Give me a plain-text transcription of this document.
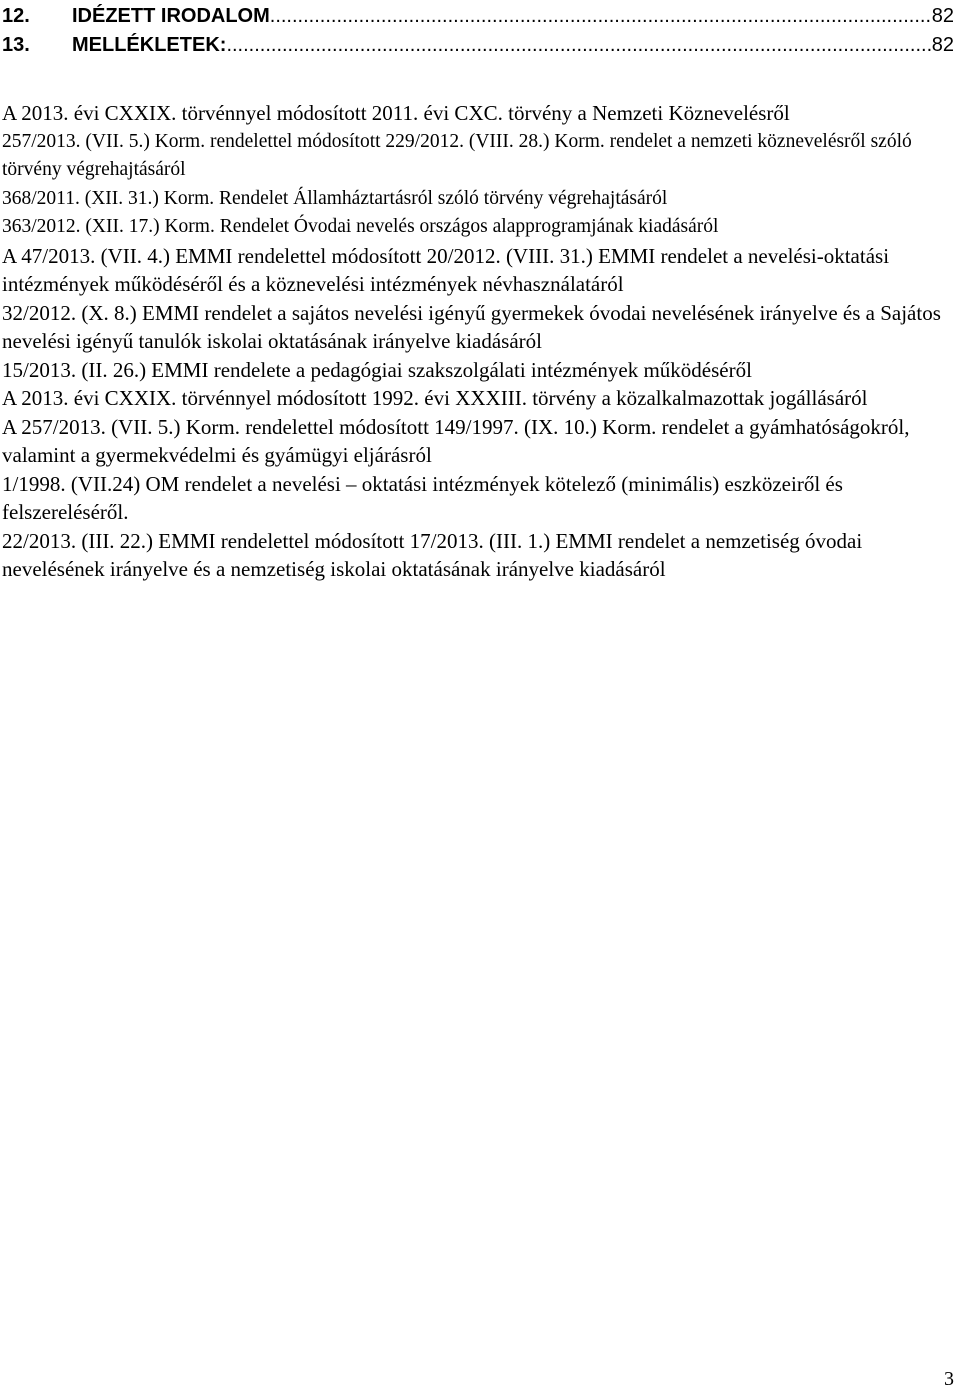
12.	IDÉZETT IRODALOM .....	82
13.	MELLÉKLETEK: .....	82

A 2013. évi CXXIX. törvénnyel módosított 2011. évi CXC. törvény a Nemzeti Köznevelésről

257/2013. (VII. 5.) Korm. rendelettel módosított 229/2012. (VIII. 28.) Korm. rendelet a nemzeti köznevelésről szóló törvény végrehajtásáról

368/2011. (XII. 31.) Korm. Rendelet Államháztartásról szóló törvény végrehajtásáról

363/2012. (XII. 17.) Korm. Rendelet Óvodai nevelés országos alapprogramjának kiadásáról

A 47/2013. (VII. 4.) EMMI rendelettel módosított 20/2012. (VIII. 31.) EMMI rendelet a nevelési-oktatási intézmények működéséről és a köznevelési intézmények névhasználatáról

32/2012. (X. 8.) EMMI rendelet a sajátos nevelési igényű gyermekek óvodai nevelésének irányelve és a Sajátos nevelési igényű tanulók iskolai oktatásának irányelve kiadásáról

15/2013. (II. 26.) EMMI rendelete a pedagógiai szakszolgálati intézmények működéséről

A 2013. évi CXXIX. törvénnyel módosított 1992. évi XXXIII. törvény a közalkalmazottak jogállásáról

A 257/2013. (VII. 5.) Korm. rendelettel módosított 149/1997. (IX. 10.) Korm. rendelet a gyámhatóságokról, valamint a gyermekvédelmi és gyámügyi eljárásról

1/1998. (VII.24) OM rendelet a nevelési – oktatási intézmények kötelező (minimális) eszközeiről és felszereléséről.

22/2013. (III. 22.) EMMI rendelettel módosított 17/2013. (III. 1.) EMMI rendelet a nemzetiség óvodai nevelésének irányelve és a nemzetiség iskolai oktatásának irányelve kiadásáról

3
